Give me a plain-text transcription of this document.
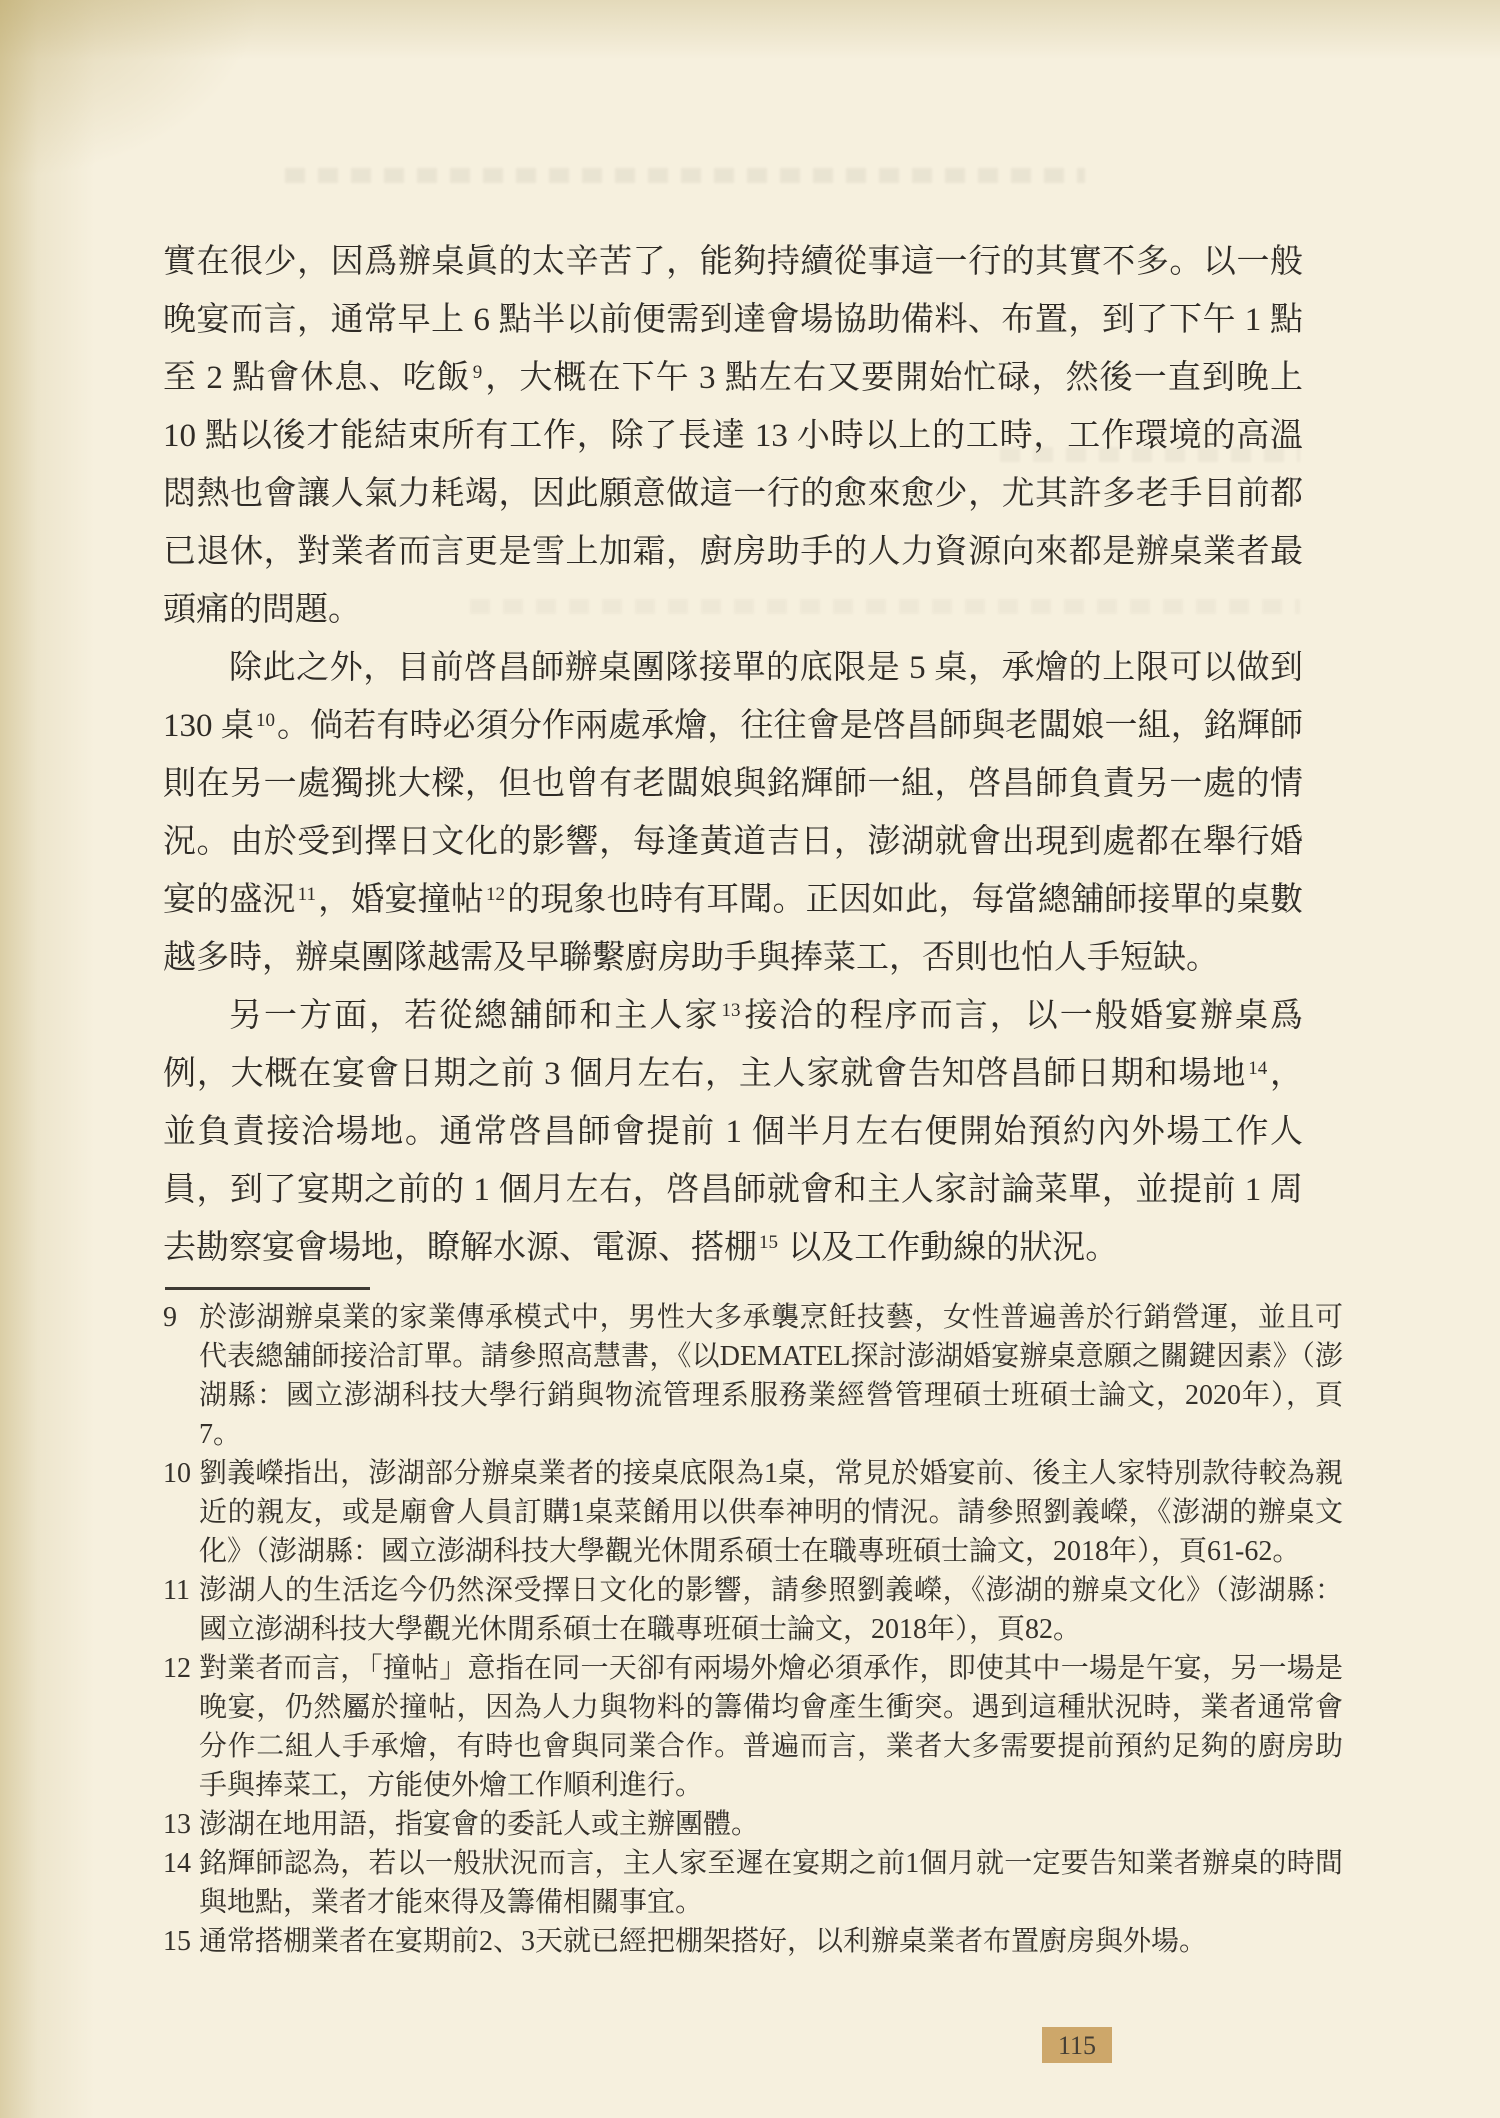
實在很少，因爲辦桌眞的太辛苦了，能夠持續從事這一行的其實不多。以一般晚宴而言，通常早上 6 點半以前便需到達會場協助備料、布置，到了下午 1 點至 2 點會休息、吃飯 $^9$，大概在下午 3 點左右又要開始忙碌，然後一直到晚上 10 點以後才能結束所有工作，除了長達 13 小時以上的工時，工作環境的高溫悶熱也會讓人氣力耗竭，因此願意做這一行的愈來愈少，尤其許多老手目前都已退休，對業者而言更是雪上加霜，廚房助手的人力資源向來都是辦桌業者最頭痛的問題。

除此之外，目前啓昌師辦桌團隊接單的底限是 5 桌，承燴的上限可以做到 130 桌 $^{10}$。倘若有時必須分作兩處承燴，往往會是啓昌師與老闆娘一組，銘輝師則在另一處獨挑大樑，但也曾有老闆娘與銘輝師一組，啓昌師負責另一處的情況。由於受到擇日文化的影響，每逢黃道吉日，澎湖就會出現到處都在舉行婚宴的盛況 $^{11}$，婚宴撞帖 $^{12}$的現象也時有耳聞。正因如此，每當總舖師接單的桌數越多時，辦桌團隊越需及早聯繫廚房助手與捧菜工，否則也怕人手短缺。

另一方面，若從總舖師和主人家 $^{13}$接洽的程序而言，以一般婚宴辦桌爲例，大概在宴會日期之前 3 個月左右，主人家就會告知啓昌師日期和場地 $^{14}$，並負責接洽場地。通常啓昌師會提前 1 個半月左右便開始預約內外場工作人員，到了宴期之前的 1 個月左右，啓昌師就會和主人家討論菜單，並提前 1 周去勘察宴會場地，瞭解水源、電源、搭棚 $^{15}$ 以及工作動線的狀況。

9 於澎湖辦桌業的家業傳承模式中，男性大多承襲烹飪技藝，女性普遍善於行銷營運，並且可代表總舖師接洽訂單。請參照高慧書，《以DEMATEL探討澎湖婚宴辦桌意願之關鍵因素》（澎湖縣：國立澎湖科技大學行銷與物流管理系服務業經營管理碩士班碩士論文，2020年），頁7。
10 劉義嶸指出，澎湖部分辦桌業者的接桌底限為1桌，常見於婚宴前、後主人家特別款待較為親近的親友，或是廟會人員訂購1桌菜餚用以供奉神明的情況。請參照劉義嶸，《澎湖的辦桌文化》（澎湖縣：國立澎湖科技大學觀光休閒系碩士在職專班碩士論文，2018年），頁61-62。
11 澎湖人的生活迄今仍然深受擇日文化的影響，請參照劉義嶸，《澎湖的辦桌文化》（澎湖縣：國立澎湖科技大學觀光休閒系碩士在職專班碩士論文，2018年），頁82。
12 對業者而言，「撞帖」意指在同一天卻有兩場外燴必須承作，即使其中一場是午宴，另一場是晚宴，仍然屬於撞帖，因為人力與物料的籌備均會產生衝突。遇到這種狀況時，業者通常會分作二組人手承燴，有時也會與同業合作。普遍而言，業者大多需要提前預約足夠的廚房助手與捧菜工，方能使外燴工作順利進行。
13 澎湖在地用語，指宴會的委託人或主辦團體。
14 銘輝師認為，若以一般狀況而言，主人家至遲在宴期之前1個月就一定要告知業者辦桌的時間與地點，業者才能來得及籌備相關事宜。
15 通常搭棚業者在宴期前2、3天就已經把棚架搭好，以利辦桌業者布置廚房與外場。
115
